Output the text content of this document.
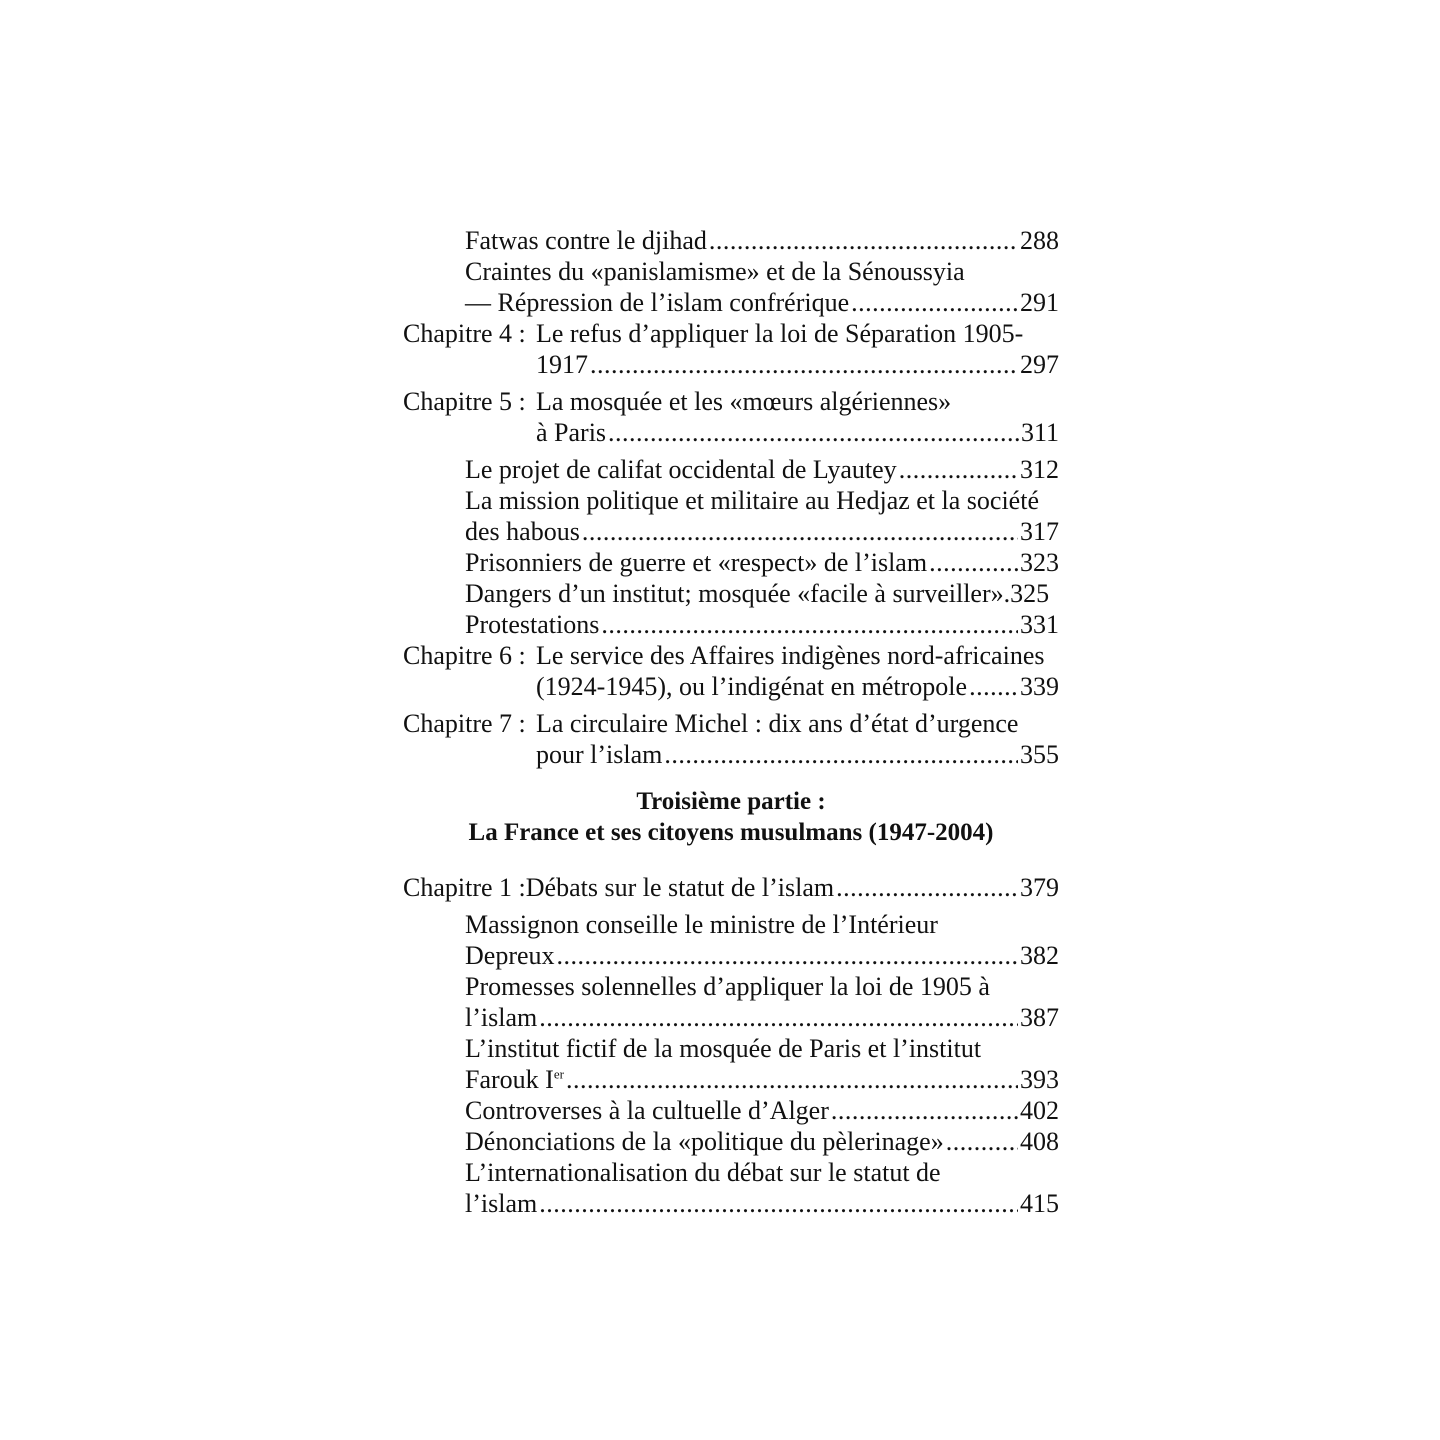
Fatwas contre le djihad .....	288
Craintes du «panislamisme» et de la Sénoussyia
— Répression de l’islam confrérique .....	291
Chapitre 4 : Le refus d’appliquer la loi de Séparation 1905-
1917 .....	297
Chapitre 5 : La mosquée et les «mœurs algériennes»
à Paris .....	311
Le projet de califat occidental de Lyautey .....	312
La mission politique et militaire au Hedjaz et la société
des habous .....	317
Prisonniers de guerre et «respect» de l’islam .....	323
Dangers d’un institut; mosquée «facile à surveiller». 325
Protestations .....	331
Chapitre 6 : Le service des Affaires indigènes nord-africaines
(1924-1945), ou l’indigénat en métropole ..... 339
Chapitre 7 : La circulaire Michel : dix ans d’état d’urgence
pour l’islam .....	355
Troisième partie :
La France et ses citoyens musulmans (1947-2004)
Chapitre 1 : Débats sur le statut de l’islam .....	379
Massignon conseille le ministre de l’Intérieur
Depreux .....	382
Promesses solennelles d’appliquer la loi de 1905 à
l’islam .....	387
L’institut fictif de la mosquée de Paris et l’institut
Farouk Ier .....	393
Controverses à la cultuelle d’Alger .....	402
Dénonciations de la «politique du pèlerinage» .....	408
L’internationalisation du débat sur le statut de
l’islam .....	415
